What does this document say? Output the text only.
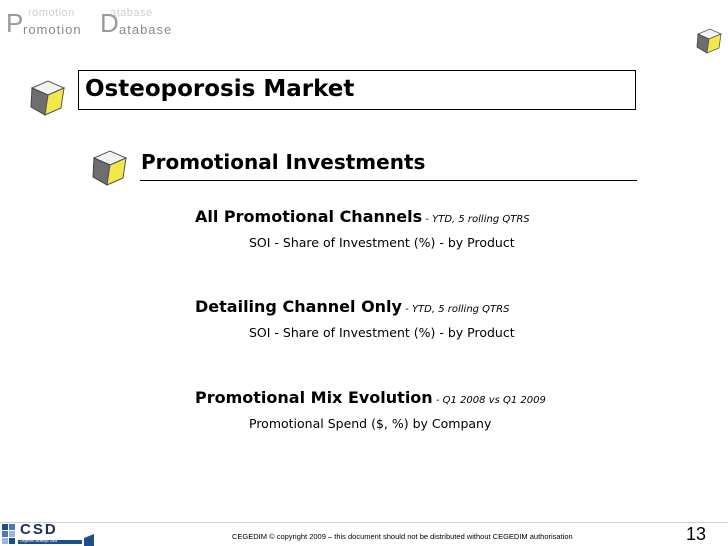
romotion	atabase
P romotion D atabase
Osteoporosis Market
Promotional Investments
All Promotional Channels - YTD, 5 rolling QTRS
SOI - Share of Investment (%) - by Product
Detailing Channel Only - YTD, 5 rolling QTRS
SOI - Share of Investment (%) - by Product
Promotional Mix Evolution - Q1 2008 vs Q1 2009
Promotional Spend ($, %) by Company
CSD
Cegedim Strategic Data	CEGEDIM © copyright 2009 – this document should not be distributed without CEGEDIM authorisation	13
